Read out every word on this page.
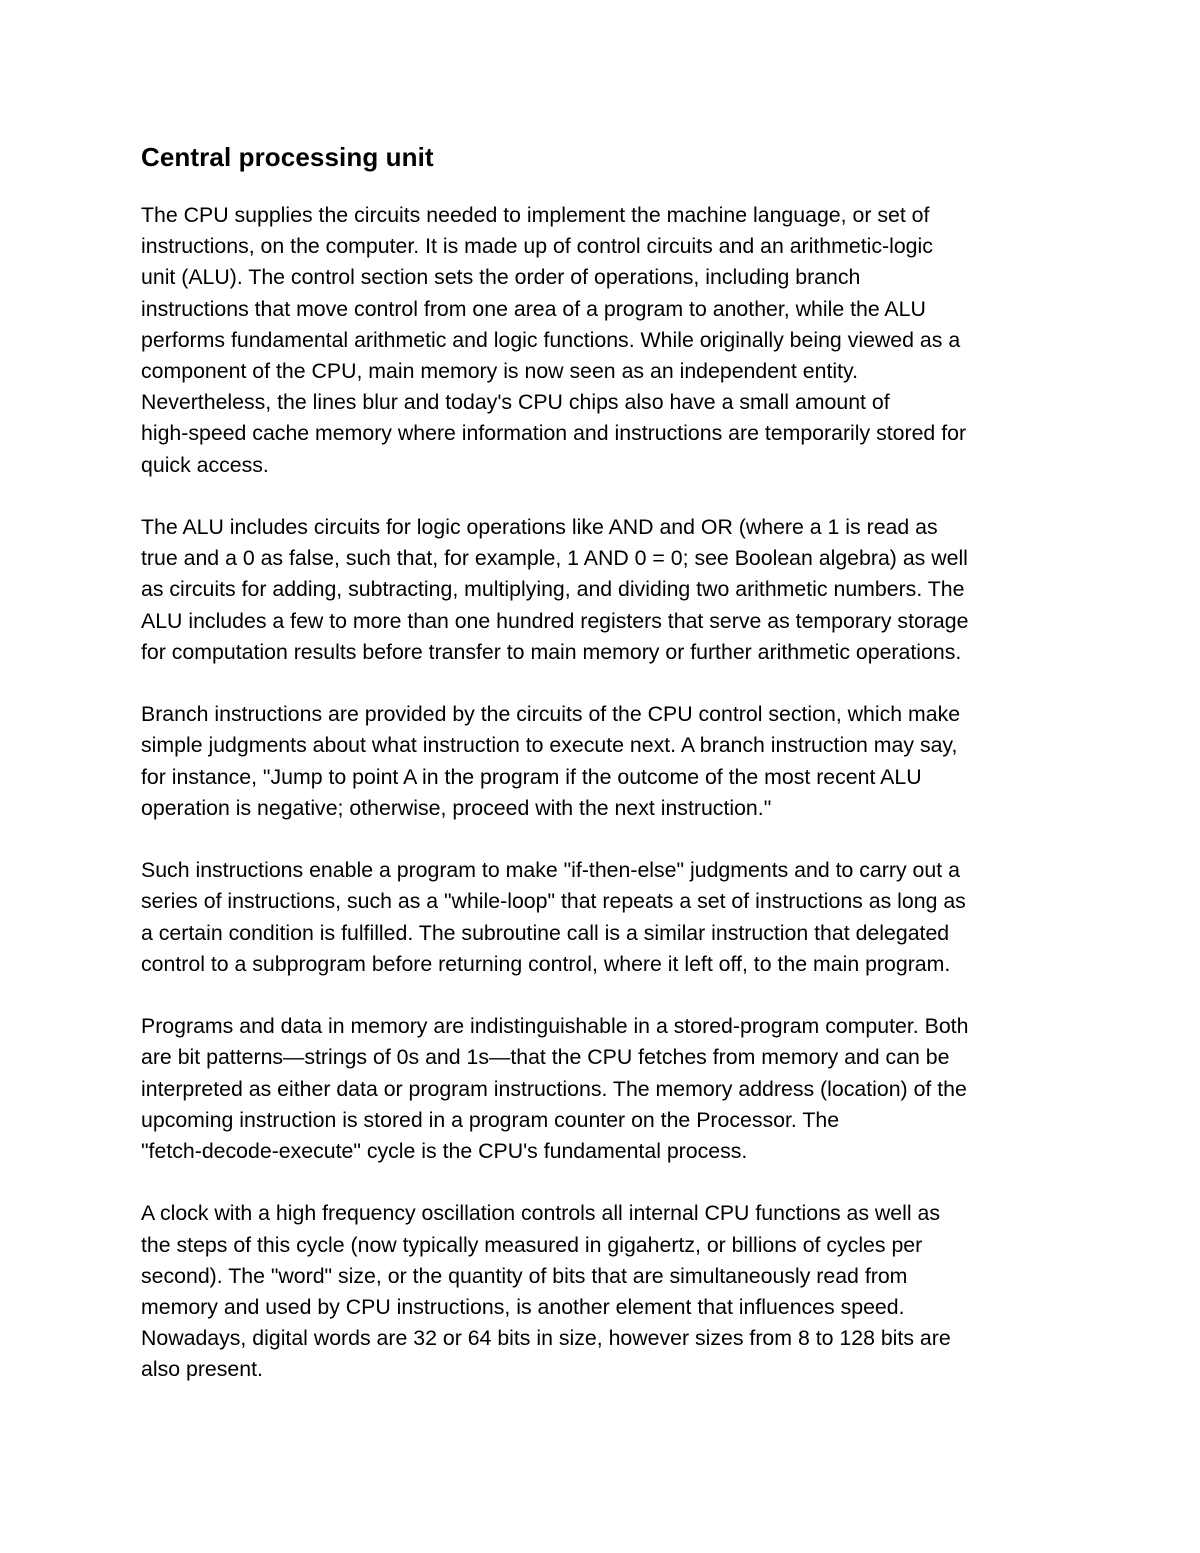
Central processing unit

The CPU supplies the circuits needed to implement the machine language, or set of
instructions, on the computer. It is made up of control circuits and an arithmetic-logic
unit (ALU). The control section sets the order of operations, including branch
instructions that move control from one area of a program to another, while the ALU
performs fundamental arithmetic and logic functions. While originally being viewed as a
component of the CPU, main memory is now seen as an independent entity.
Nevertheless, the lines blur and today's CPU chips also have a small amount of
high-speed cache memory where information and instructions are temporarily stored for
quick access.

The ALU includes circuits for logic operations like AND and OR (where a 1 is read as
true and a 0 as false, such that, for example, 1 AND 0 = 0; see Boolean algebra) as well
as circuits for adding, subtracting, multiplying, and dividing two arithmetic numbers. The
ALU includes a few to more than one hundred registers that serve as temporary storage
for computation results before transfer to main memory or further arithmetic operations.

Branch instructions are provided by the circuits of the CPU control section, which make
simple judgments about what instruction to execute next. A branch instruction may say,
for instance, "Jump to point A in the program if the outcome of the most recent ALU
operation is negative; otherwise, proceed with the next instruction."

Such instructions enable a program to make "if-then-else" judgments and to carry out a
series of instructions, such as a "while-loop" that repeats a set of instructions as long as
a certain condition is fulfilled. The subroutine call is a similar instruction that delegated
control to a subprogram before returning control, where it left off, to the main program.

Programs and data in memory are indistinguishable in a stored-program computer. Both
are bit patterns—strings of 0s and 1s—that the CPU fetches from memory and can be
interpreted as either data or program instructions. The memory address (location) of the
upcoming instruction is stored in a program counter on the Processor. The
"fetch-decode-execute" cycle is the CPU's fundamental process.

A clock with a high frequency oscillation controls all internal CPU functions as well as
the steps of this cycle (now typically measured in gigahertz, or billions of cycles per
second). The "word" size, or the quantity of bits that are simultaneously read from
memory and used by CPU instructions, is another element that influences speed.
Nowadays, digital words are 32 or 64 bits in size, however sizes from 8 to 128 bits are
also present.
